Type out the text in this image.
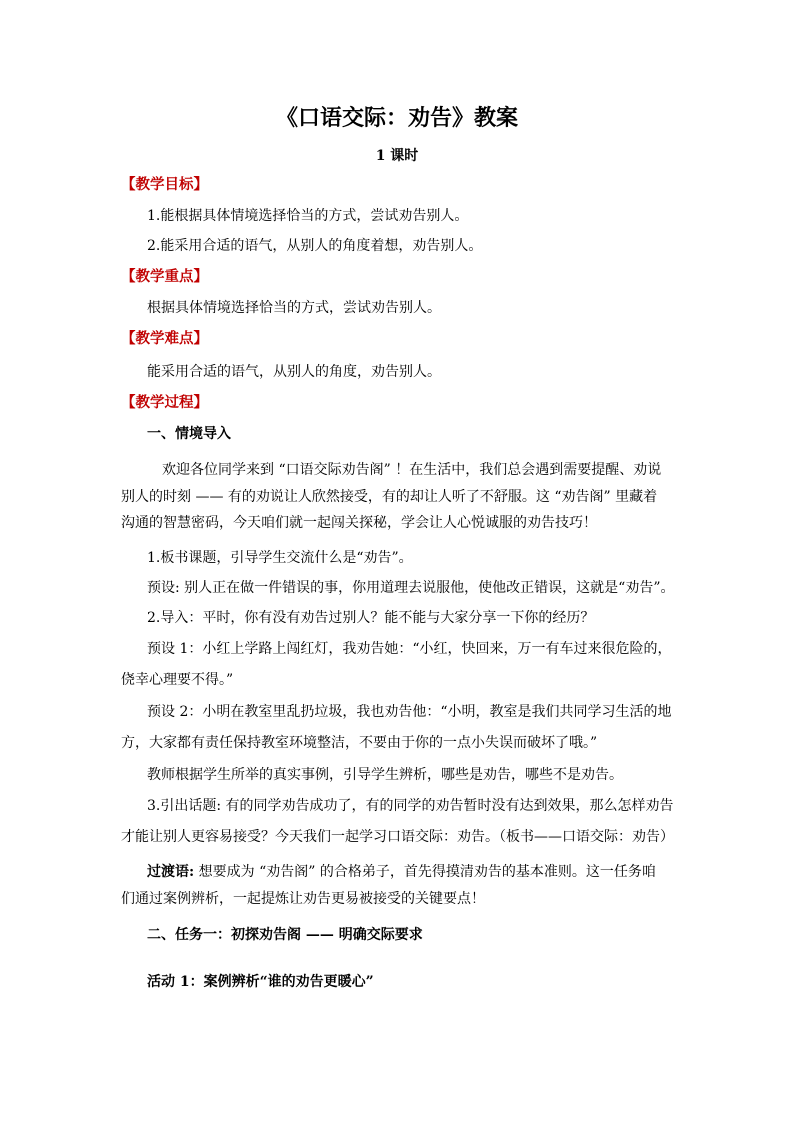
《口语交际：劝告》教案
1 课时
【教学目标】
1.能根据具体情境选择恰当的方式，尝试劝告别人。
2.能采用合适的语气，从别人的角度着想，劝告别人。
【教学重点】
根据具体情境选择恰当的方式，尝试劝告别人。
【教学难点】
能采用合适的语气，从别人的角度，劝告别人。
【教学过程】
一、情境导入
欢迎各位同学来到 “口语交际劝告阁” ！在生活中，我们总会遇到需要提醒、劝说
别人的时刻 —— 有的劝说让人欣然接受，有的却让人听了不舒服。这 “劝告阁” 里藏着
沟通的智慧密码，今天咱们就一起闯关探秘，学会让人心悦诚服的劝告技巧！
1.板书课题，引导学生交流什么是“劝告”。
预设: 别人正在做一件错误的事，你用道理去说服他，使他改正错误，这就是“劝告”。
2.导入：平时，你有没有劝告过别人？能不能与大家分享一下你的经历？
预设 1：小红上学路上闯红灯，我劝告她：“小红，快回来，万一有车过来很危险的，
侥幸心理要不得。”
预设 2：小明在教室里乱扔垃圾，我也劝告他：“小明，教室是我们共同学习生活的地
方，大家都有责任保持教室环境整洁，不要由于你的一点小失误而破坏了哦。”
教师根据学生所举的真实事例，引导学生辨析，哪些是劝告，哪些不是劝告。
3.引出话题: 有的同学劝告成功了，有的同学的劝告暂时没有达到效果，那么怎样劝告
才能让别人更容易接受？今天我们一起学习口语交际：劝告。（板书——口语交际：劝告）
过渡语: 想要成为 “劝告阁” 的合格弟子，首先得摸清劝告的基本准则。这一任务咱
们通过案例辨析，一起提炼让劝告更易被接受的关键要点！
二、任务一：初探劝告阁 —— 明确交际要求
活动 1：案例辨析“谁的劝告更暖心”
